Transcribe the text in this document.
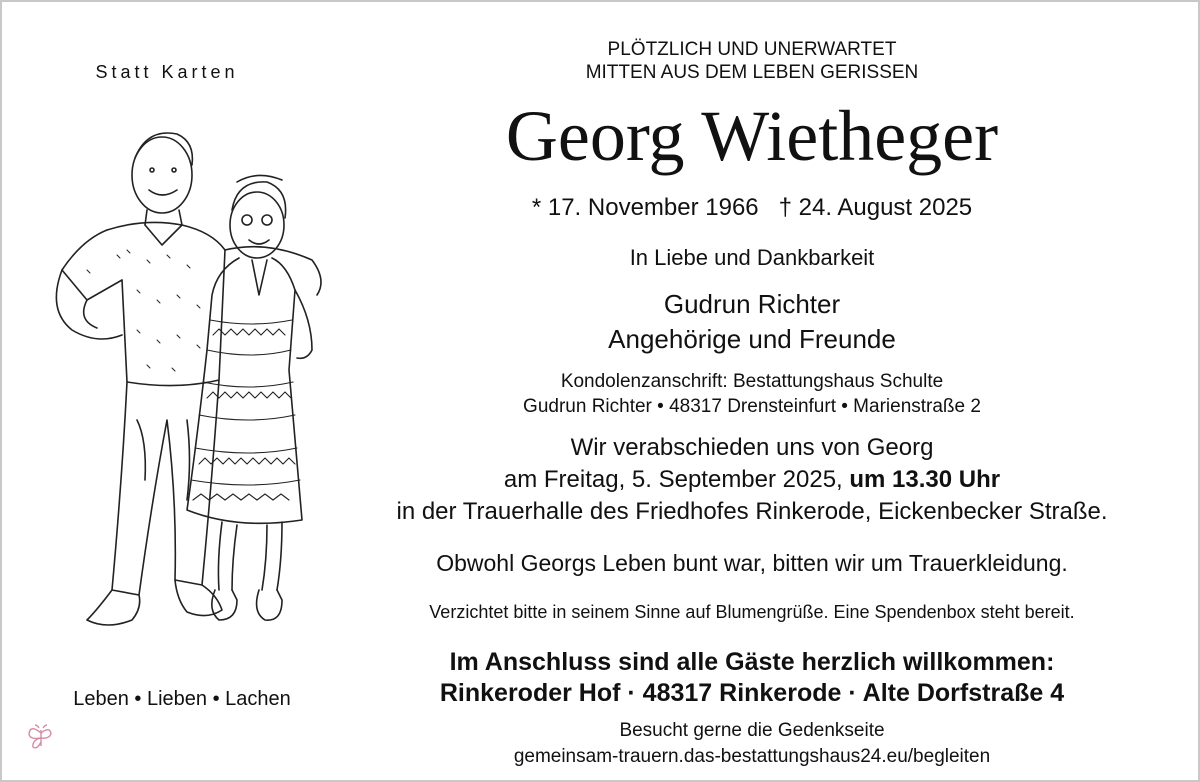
Statt Karten
Leben • Lieben • Lachen
PLÖTZLICH UND UNERWARTET
MITTEN AUS DEM LEBEN GERISSEN
Georg Wietheger
* 17. November 1966   † 24. August 2025
In Liebe und Dankbarkeit
Gudrun Richter
Angehörige und Freunde
Kondolenzanschrift: Bestattungshaus Schulte
Gudrun Richter • 48317 Drensteinfurt • Marienstraße 2
Wir verabschieden uns von Georg
am Freitag, 5. September 2025, um 13.30 Uhr
in der Trauerhalle des Friedhofes Rinkerode, Eickenbecker Straße.
Obwohl Georgs Leben bunt war, bitten wir um Trauerkleidung.
Verzichtet bitte in seinem Sinne auf Blumengrüße. Eine Spendenbox steht bereit.
Im Anschluss sind alle Gäste herzlich willkommen:
Rinkeroder Hof · 48317 Rinkerode · Alte Dorfstraße 4
Besucht gerne die Gedenkseite
gemeinsam-trauern.das-bestattungshaus24.eu/begleiten
